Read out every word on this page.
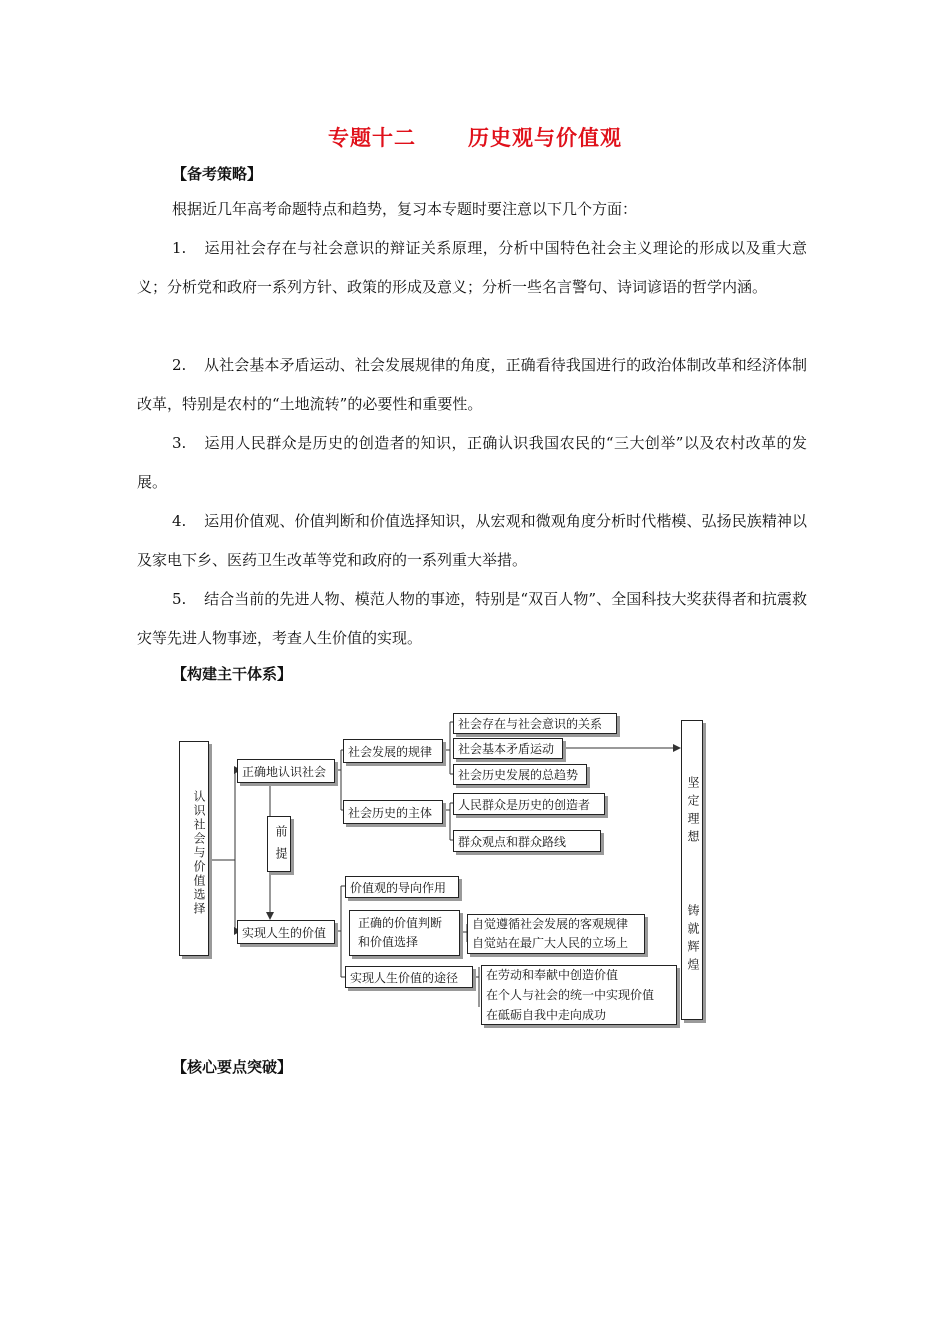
专题十二 历史观与价值观
【备考策略】
根据近几年高考命题特点和趋势，复习本专题时要注意以下几个方面：
1. 运用社会存在与社会意识的辩证关系原理，分析中国特色社会主义理论的形成以及重大意义；分析党和政府一系列方针、政策的形成及意义；分析一些名言警句、诗词谚语的哲学内涵。
2. 从社会基本矛盾运动、社会发展规律的角度，正确看待我国进行的政治体制改革和经济体制改革，特别是农村的“土地流转”的必要性和重要性。
3. 运用人民群众是历史的创造者的知识，正确认识我国农民的“三大创举”以及农村改革的发展。
4. 运用价值观、价值判断和价值选择知识，从宏观和微观角度分析时代楷模、弘扬民族精神以及家电下乡、医药卫生改革等党和政府的一系列重大举措。
5. 结合当前的先进人物、模范人物的事迹，特别是“双百人物”、全国科技大奖获得者和抗震救灾等先进人物事迹，考查人生价值的实现。
【构建主干体系】
认识社会与价值选择
正确地认识社会
前提
实现人生的价值
社会发展的规律
社会历史的主体
社会存在与社会意识的关系
社会基本矛盾运动
社会历史发展的总趋势
人民群众是历史的创造者
群众观点和群众路线
价值观的导向作用
正确的价值判断
和价值选择
自觉遵循社会发展的客观规律
自觉站在最广大人民的立场上
实现人生价值的途径	在劳动和奉献中创造价值
在个人与社会的统一中实现价值
在砥砺自我中走向成功
坚定理想
铸就辉煌
【核心要点突破】
